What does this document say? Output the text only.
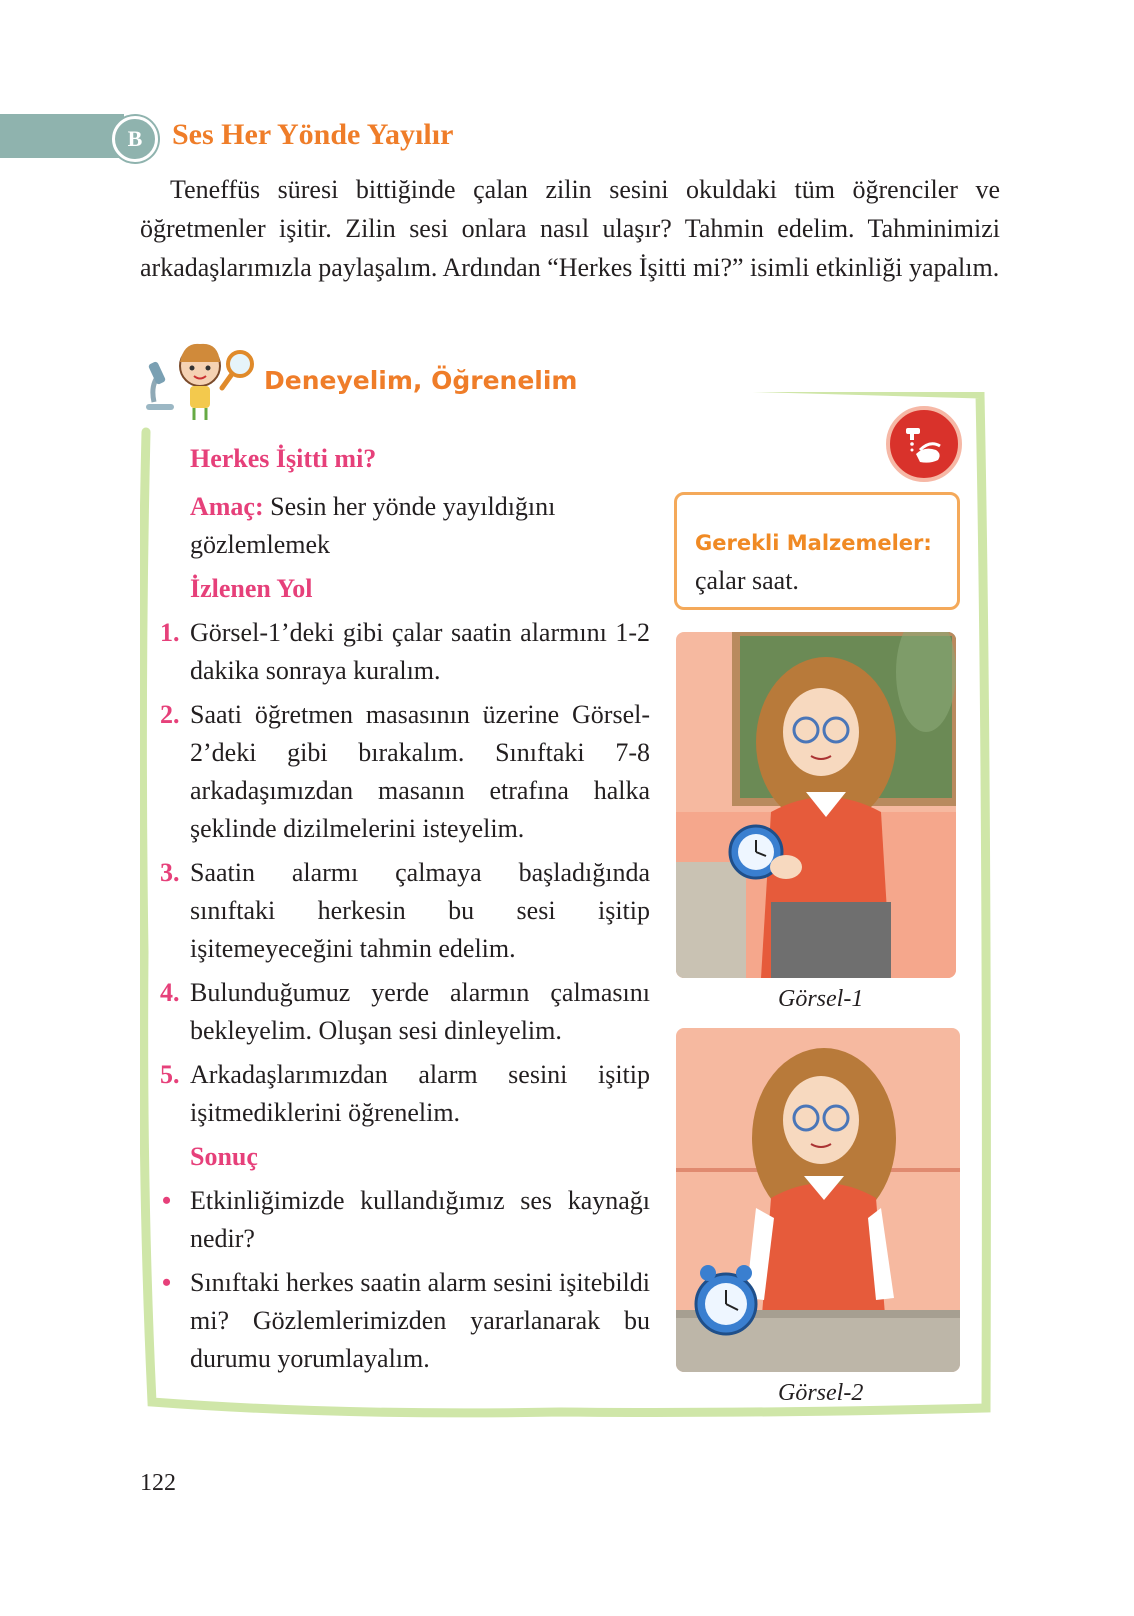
B Ses Her Yönde Yayılır

Teneffüs süresi bittiğinde çalan zilin sesini okuldaki tüm öğrenciler ve öğretmenler işitir. Zilin sesi onlara nasıl ulaşır? Tahmin edelim. Tahminimizi arkadaşlarımızla paylaşalım. Ardından “Herkes İşitti mi?” isimli etkinliği yapalım.

Deneyelim, Öğrenelim
Gerekli Malzemeler: çalar saat.
Herkes İşitti mi?
Amaç: Sesin her yönde yayıldığını gözlemlemek
İzlenen Yol
1. Görsel-1’deki gibi çalar saatin alarmını 1-2 dakika sonraya kuralım.
2. Saati öğretmen masasının üzerine Görsel-2’deki gibi bırakalım. Sınıftaki 7-8 arkadaşımızdan masanın etrafına halka şeklinde dizilmelerini isteyelim.
3. Saatin alarmı çalmaya başladığında sınıftaki herkesin bu sesi işitip işitemeyeceğini tahmin edelim.
4. Bulunduğumuz yerde alarmın çalmasını bekleyelim. Oluşan sesi dinleyelim.
5. Arkadaşlarımızdan alarm sesini işitip işitmediklerini öğrenelim.
Sonuç
• Etkinliğimizde kullandığımız ses kaynağı nedir?
• Sınıftaki herkes saatin alarm sesini işitebildi mi? Gözlemlerimizden yararlanarak bu durumu yorumlayalım.
Görsel-1
Görsel-2
122
